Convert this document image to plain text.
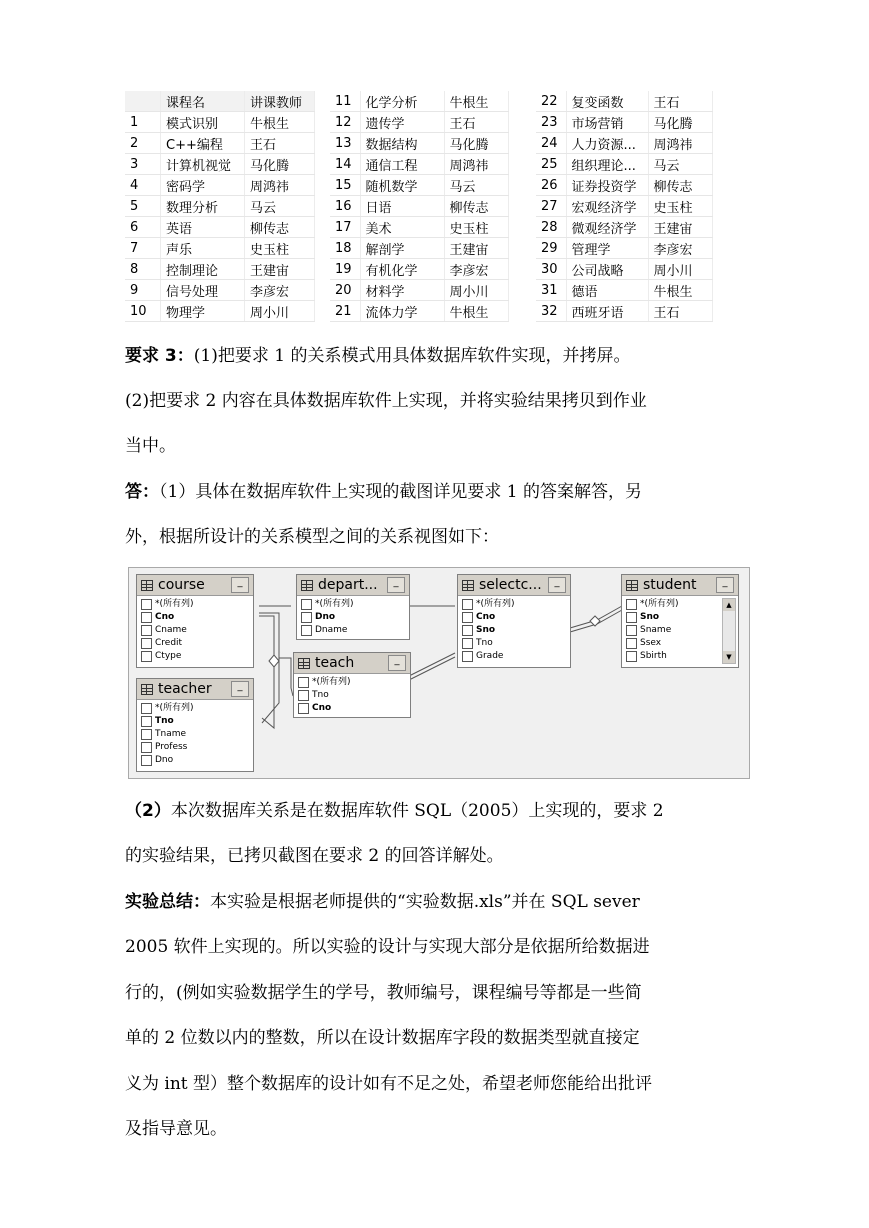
	课程名	讲课教师
1	模式识别	牛根生
2	C++编程	王石
3	计算机视觉	马化腾
4	密码学	周鸿祎
5	数理分析	马云
6	英语	柳传志
7	声乐	史玉柱
8	控制理论	王建宙
9	信号处理	李彦宏
10	物理学	周小川
11	化学分析	牛根生
12	遗传学	王石
13	数据结构	马化腾
14	通信工程	周鸿祎
15	随机数学	马云
16	日语	柳传志
17	美术	史玉柱
18	解剖学	王建宙
19	有机化学	李彦宏
20	材料学	周小川
21	流体力学	牛根生
22	复变函数	王石
23	市场营销	马化腾
24	人力资源...	周鸿祎
25	组织理论...	马云
26	证券投资学	柳传志
27	宏观经济学	史玉柱
28	微观经济学	王建宙
29	管理学	李彦宏
30	公司战略	周小川
31	德语	牛根生
32	西班牙语	王石

要求 3：(1)把要求 1 的关系模式用具体数据库软件实现，并拷屏。

(2)把要求 2 内容在具体数据库软件上实现，并将实验结果拷贝到作业

当中。

答：（1）具体在数据库软件上实现的截图详见要求 1 的答案解答，另

外，根据所设计的关系模型之间的关系视图如下：

course	_
*(所有列)
Cno
Cname
Credit
Ctype
depart...	_
*(所有列)
Dno
Dname
selectc...	_
*(所有列)
Cno
Sno
Tno
Grade
student	_
*(所有列)
Sno
Sname
Ssex
Sbirth
▲
▼
teach	_
*(所有列)
Tno
Cno
teacher	_
*(所有列)
Tno
Tname
Profess
Dno

（2）本次数据库关系是在数据库软件 SQL（2005）上实现的，要求 2

的实验结果，已拷贝截图在要求 2 的回答详解处。

实验总结：本实验是根据老师提供的“实验数据.xls”并在 SQL sever

2005 软件上实现的。所以实验的设计与实现大部分是依据所给数据进

行的，(例如实验数据学生的学号，教师编号，课程编号等都是一些简

单的 2 位数以内的整数，所以在设计数据库字段的数据类型就直接定

义为 int 型）整个数据库的设计如有不足之处，希望老师您能给出批评

及指导意见。
